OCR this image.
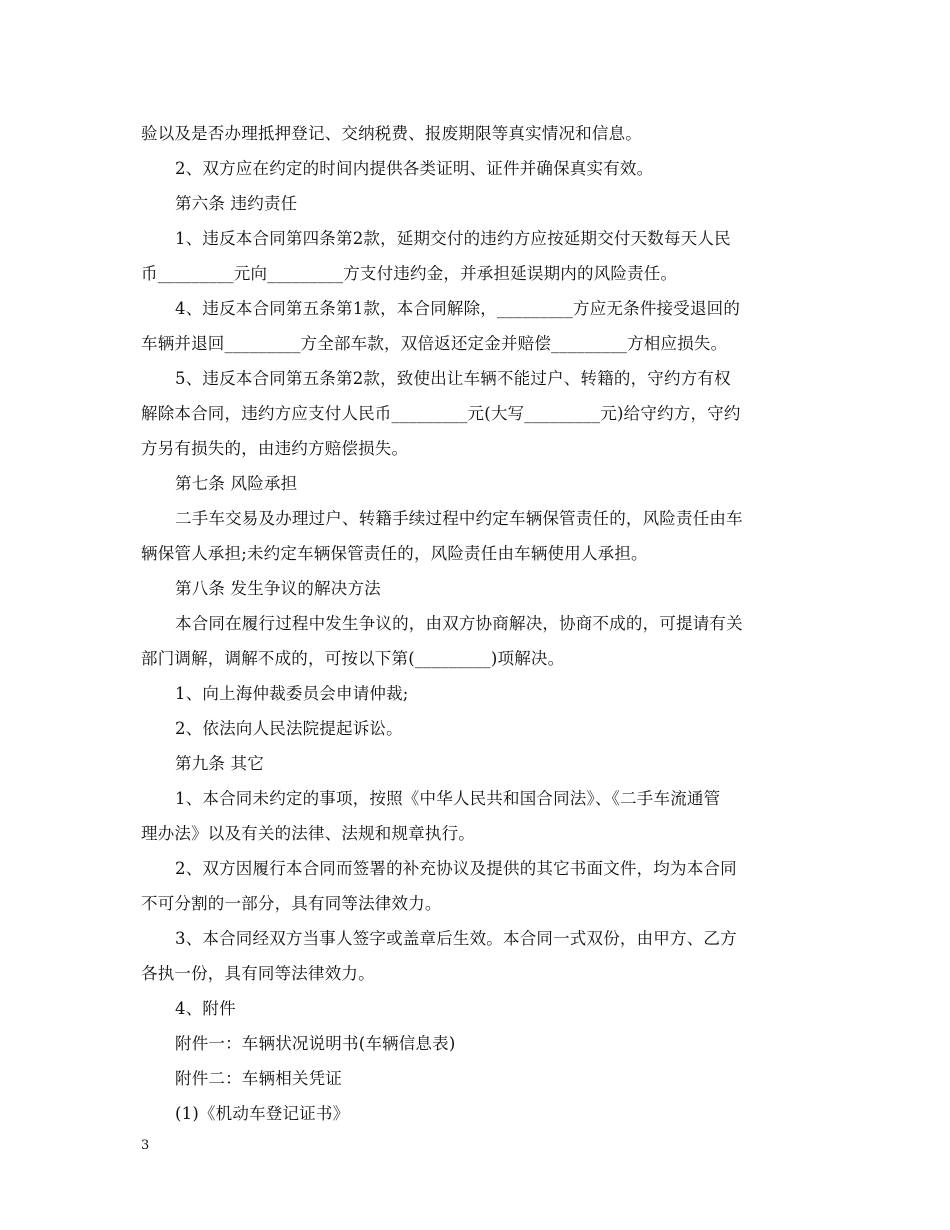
验以及是否办理抵押登记、交纳税费、报废期限等真实情况和信息。
2、双方应在约定的时间内提供各类证明、证件并确保真实有效。
第六条 违约责任
1、违反本合同第四条第2款，延期交付的违约方应按延期交付天数每天人民
币_________元向_________方支付违约金，并承担延误期内的风险责任。
4、违反本合同第五条第1款，本合同解除，_________方应无条件接受退回的
车辆并退回_________方全部车款，双倍返还定金并赔偿_________方相应损失。
5、违反本合同第五条第2款，致使出让车辆不能过户、转籍的，守约方有权
解除本合同，违约方应支付人民币_________元(大写_________元)给守约方，守约
方另有损失的，由违约方赔偿损失。
第七条 风险承担
二手车交易及办理过户、转籍手续过程中约定车辆保管责任的，风险责任由车
辆保管人承担;未约定车辆保管责任的，风险责任由车辆使用人承担。
第八条 发生争议的解决方法
本合同在履行过程中发生争议的，由双方协商解决，协商不成的，可提请有关
部门调解，调解不成的，可按以下第(_________)项解决。
1、向上海仲裁委员会申请仲裁;
2、依法向人民法院提起诉讼。
第九条 其它
1、本合同未约定的事项，按照《中华人民共和国合同法》、《二手车流通管
理办法》以及有关的法律、法规和规章执行。
2、双方因履行本合同而签署的补充协议及提供的其它书面文件，均为本合同
不可分割的一部分，具有同等法律效力。
3、本合同经双方当事人签字或盖章后生效。本合同一式双份，由甲方、乙方
各执一份，具有同等法律效力。
4、附件
附件一：车辆状况说明书(车辆信息表)
附件二：车辆相关凭证
(1)《机动车登记证书》
3
